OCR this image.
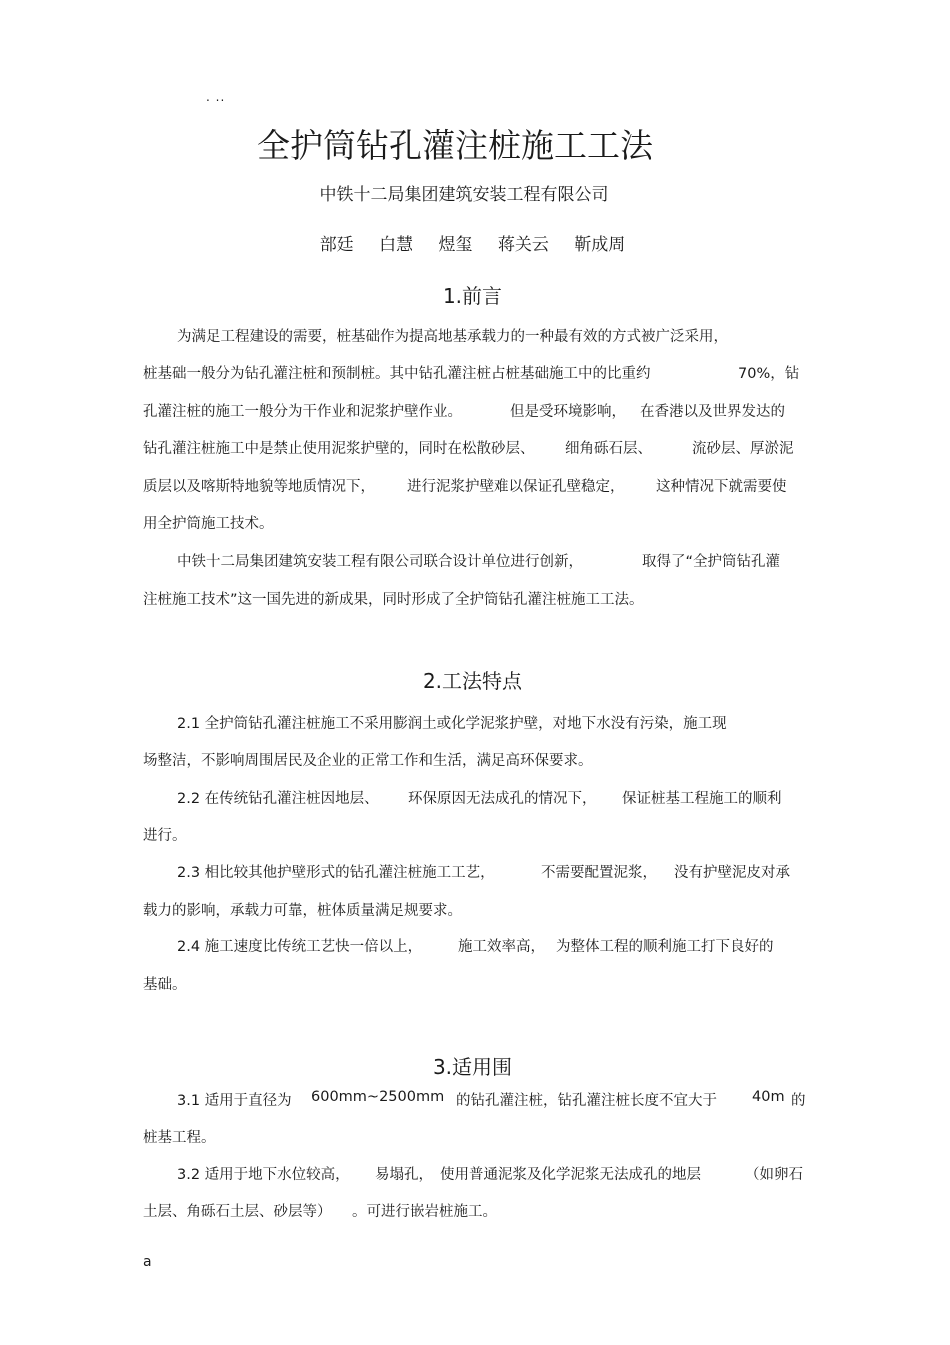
. ..
全护筒钻孔灌注桩施工工法
中铁十二局集团建筑安装工程有限公司
部廷 白慧 煜玺 蒋关云 靳成周
1.前言
为满足工程建设的需要，桩基础作为提高地基承载力的一种最有效的方式被广泛采用，
桩基础一般分为钻孔灌注桩和预制桩。其中钻孔灌注桩占桩基础施工中的比重约	70%，钻
孔灌注桩的施工一般分为干作业和泥浆护壁作业。	但是受环境影响， 在香港以及世界发达的
钻孔灌注桩施工中是禁止使用泥浆护壁的，同时在松散砂层、 细角砾石层、	流砂层、厚淤泥
质层以及喀斯特地貌等地质情况下， 进行泥浆护壁难以保证孔壁稳定， 这种情况下就需要使
用全护筒施工技术。
中铁十二局集团建筑安装工程有限公司联合设计单位进行创新，	取得了“全护筒钻孔灌
注桩施工技术”这一国先进的新成果，同时形成了全护筒钻孔灌注桩施工工法。
2.工法特点
2.1 全护筒钻孔灌注桩施工不采用膨润土或化学泥浆护壁，对地下水没有污染，施工现
场整洁，不影响周围居民及企业的正常工作和生活，满足高环保要求。
2.2 在传统钻孔灌注桩因地层、 环保原因无法成孔的情况下， 保证桩基工程施工的顺利
进行。
2.3 相比较其他护壁形式的钻孔灌注桩施工工艺，	不需要配置泥浆， 没有护壁泥皮对承
载力的影响，承载力可靠，桩体质量满足规要求。
2.4 施工速度比传统工艺快一倍以上， 施工效率高， 为整体工程的顺利施工打下良好的
基础。
3.适用围
3.1 适用于直径为 600mm~2500mm 的钻孔灌注桩，钻孔灌注桩长度不宜大于 40m 的
桩基工程。
3.2 适用于地下水位较高， 易塌孔， 使用普通泥浆及化学泥浆无法成孔的地层	（如卵石
土层、角砾石土层、砂层等） 。可进行嵌岩桩施工。
a
